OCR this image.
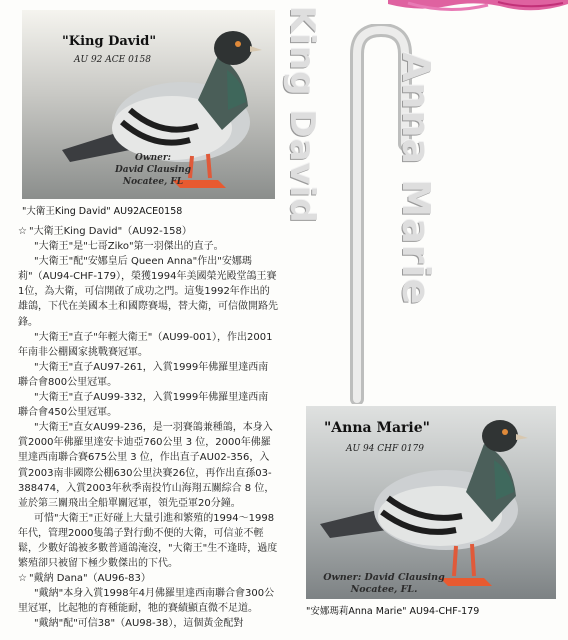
King David Anna Marie
"King David"
AU 92 ACE 0158
Owner:
David Clausing
Nocatee, FL
"大衛王King David" AU92ACE0158

☆ "大衛王King David"（AU92-158）

"大衛王"是"七哥Ziko"第一羽傑出的直子。

"大衛王"配"安娜皇后 Queen Anna"作出"安娜瑪莉"（AU94-CHF-179），榮獲1994年美國榮光殿堂鴿王賽1位，為大衛，可信開啟了成功之門。這隻1992年作出的雄鴿，下代在美國本土和國際賽場，替大衛，可信做開路先鋒。

"大衛王"直子"年輕大衛王"（AU99-001），作出2001年南非公棚國家挑戰賽冠軍。

"大衛王"直子AU97-261，入賞1999年佛羅里達西南聯合會800公里冠軍。

"大衛王"直子AU99-332，入賞1999年佛羅里達西南聯合會450公里冠軍。

"大衛王"直女AU99-236，是一羽賽鴿兼種鴿，本身入賞2000年佛羅里達安卡迪亞760公里 3 位，2000年佛羅里達西南聯合賽675公里 3 位，作出直子AU02-356，入賞2003南非國際公棚630公里決賽26位，再作出直孫03-388474，入賞2003年秋季南投竹山海翔五關綜合 8 位，並於第三關飛出全船單關冠軍，領先亞軍20分鐘。

可惜"大衛王"正好碰上大量引進和繁殖的1994～1998年代，管理2000隻鴿子對行動不便的大衛，可信並不輕鬆，少數好鴿被多數普通鴿淹沒，"大衛王"生不逢時，過度繁殖卻只被留下極少數傑出的下代。

☆ "戴納 Dana"（AU96-83）

"戴納"本身入賞1998年4月佛羅里達西南聯合會300公里冠軍，比起牠的育種能耐，牠的賽績顯直微不足道。

"戴納"配"可信38"（AU98-38），這個黃金配對

"Anna Marie"
AU 94 CHF 0179
Owner: David Clausing
Nocatee, FL.
"安娜瑪莉Anna Marie" AU94-CHF-179
